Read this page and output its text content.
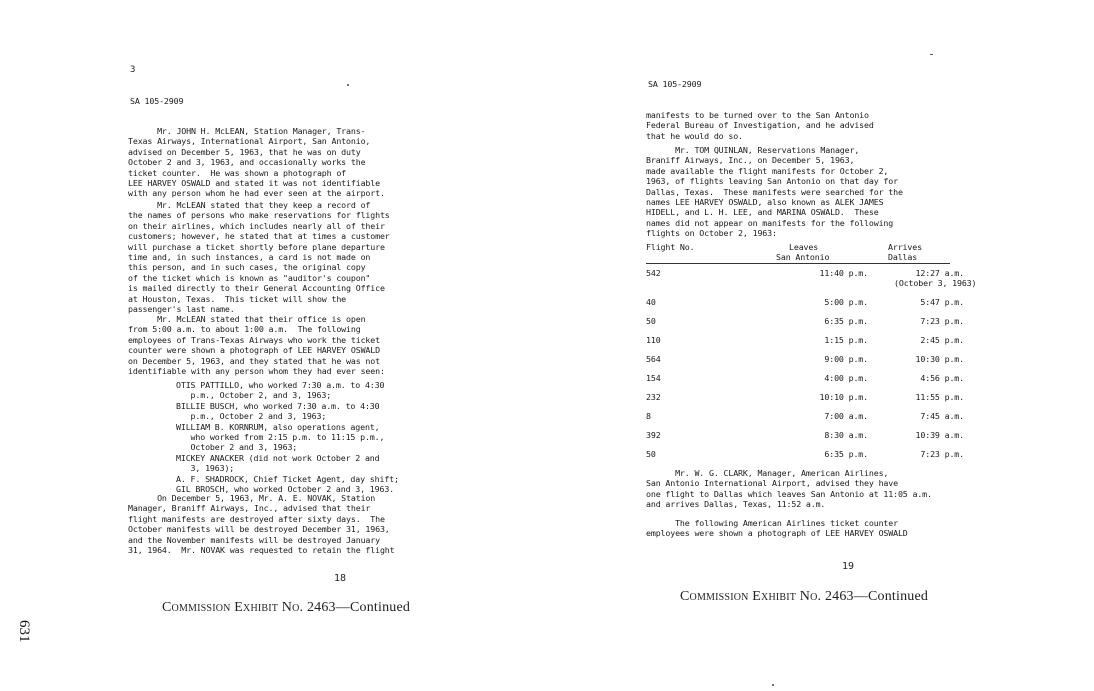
631
3
SA 105-2909
Mr. JOHN H. McLEAN, Station Manager, Trans-
Texas Airways, International Airport, San Antonio,
advised on December 5, 1963, that he was on duty
October 2 and 3, 1963, and occasionally works the
ticket counter.  He was shown a photograph of
LEE HARVEY OSWALD and stated it was not identifiable
with any person whom he had ever seen at the airport.
Mr. McLEAN stated that they keep a record of
the names of persons who make reservations for flights
on their airlines, which includes nearly all of their
customers; however, he stated that at times a customer
will purchase a ticket shortly before plane departure
time and, in such instances, a card is not made on
this person, and in such cases, the original copy
of the ticket which is known as "auditor's coupon"
is mailed directly to their General Accounting Office
at Houston, Texas.  This ticket will show the
passenger's last name.
Mr. McLEAN stated that their office is open
from 5:00 a.m. to about 1:00 a.m.  The following
employees of Trans-Texas Airways who work the ticket
counter were shown a photograph of LEE HARVEY OSWALD
on December 5, 1963, and they stated that he was not
identifiable with any person whom they had ever seen:
OTIS PATTILLO, who worked 7:30 a.m. to 4:30
p.m., October 2, and 3, 1963;
BILLIE BUSCH, who worked 7:30 a.m. to 4:30
p.m., October 2 and 3, 1963;
WILLIAM B. KORNRUM, also operations agent,
who worked from 2:15 p.m. to 11:15 p.m.,
October 2 and 3, 1963;
MICKEY ANACKER (did not work October 2 and
3, 1963);
A. F. SHADROCK, Chief Ticket Agent, day shift;
GIL BROSCH, who worked October 2 and 3, 1963.
On December 5, 1963, Mr. A. E. NOVAK, Station
Manager, Braniff Airways, Inc., advised that their
flight manifests are destroyed after sixty days.  The
October manifests will be destroyed December 31, 1963,
and the November manifests will be destroyed January
31, 1964.  Mr. NOVAK was requested to retain the flight
18
Commission Exhibit No. 2463—Continued
SA 105-2909
manifests to be turned over to the San Antonio
Federal Bureau of Investigation, and he advised
that he would do so.
Mr. TOM QUINLAN, Reservations Manager,
Braniff Airways, Inc., on December 5, 1963,
made available the flight manifests for October 2,
1963, of flights leaving San Antonio on that day for
Dallas, Texas.  These manifests were searched for the
names LEE HARVEY OSWALD, also known as ALEK JAMES
HIDELL, and L. H. LEE, and MARINA OSWALD.  These
names did not appear on manifests for the following
flights on October 2, 1963:
Flight No.	Leaves
San Antonio
Arrives
Dallas
542	11:40 p.m.	12:27 a.m.
(October 3, 1963)
40	5:00 p.m.	5:47 p.m.
50	6:35 p.m.	7:23 p.m.
110	1:15 p.m.	2:45 p.m.
564	9:00 p.m.	10:30 p.m.
154	4:00 p.m.	4:56 p.m.
232	10:10 p.m.	11:55 p.m.
8	7:00 a.m.	7:45 a.m.
392	8:30 a.m.	10:39 a.m.
50	6:35 p.m.	7:23 p.m.
Mr. W. G. CLARK, Manager, American Airlines,
San Antonio International Airport, advised they have
one flight to Dallas which leaves San Antonio at 11:05 a.m.
and arrives Dallas, Texas, 11:52 a.m.
The following American Airlines ticket counter
employees were shown a photograph of LEE HARVEY OSWALD
19
Commission Exhibit No. 2463—Continued
